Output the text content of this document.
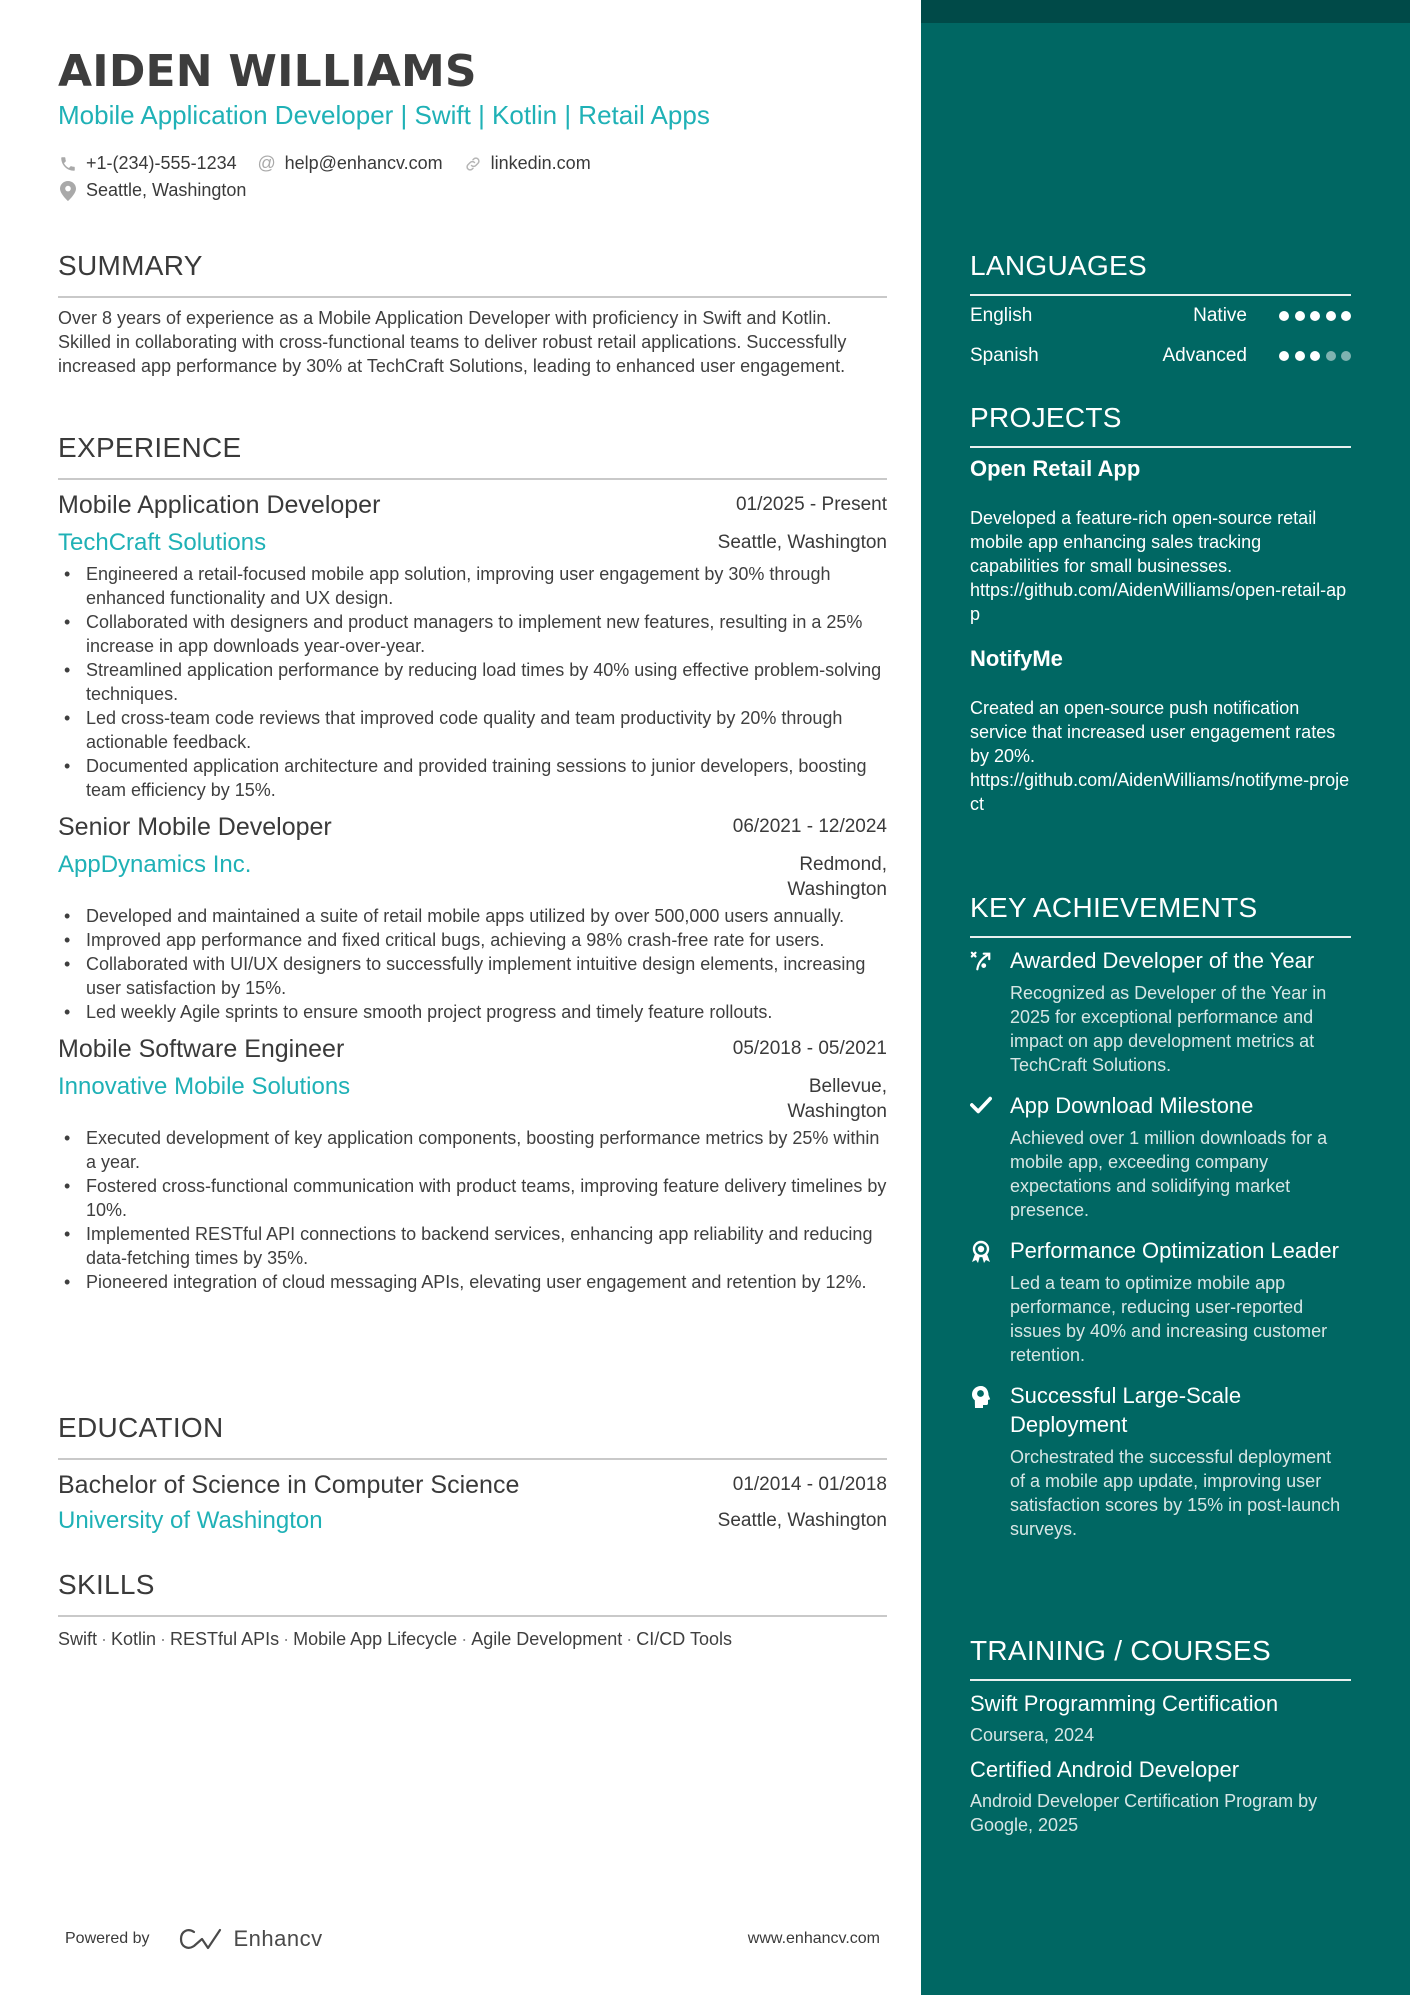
AIDEN WILLIAMS
Mobile Application Developer | Swift | Kotlin | Retail Apps
+1-(234)-555-1234 @ help@enhancv.com	linkedin.com
Seattle, Washington
SUMMARY
Over 8 years of experience as a Mobile Application Developer with proficiency in Swift and Kotlin. Skilled in collaborating with cross-functional teams to deliver robust retail applications. Successfully increased app performance by 30% at TechCraft Solutions, leading to enhanced user engagement.
EXPERIENCE
Mobile Application Developer	01/2025 - Present
TechCraft Solutions	Seattle, Washington
• Engineered a retail-focused mobile app solution, improving user engagement by 30% through enhanced functionality and UX design.
• Collaborated with designers and product managers to implement new features, resulting in a 25% increase in app downloads year-over-year.
• Streamlined application performance by reducing load times by 40% using effective problem-solving techniques.
• Led cross-team code reviews that improved code quality and team productivity by 20% through actionable feedback.
• Documented application architecture and provided training sessions to junior developers, boosting team efficiency by 15%.
Senior Mobile Developer	06/2021 - 12/2024
AppDynamics Inc.	Redmond, Washington
• Developed and maintained a suite of retail mobile apps utilized by over 500,000 users annually.
• Improved app performance and fixed critical bugs, achieving a 98% crash-free rate for users.
• Collaborated with UI/UX designers to successfully implement intuitive design elements, increasing user satisfaction by 15%.
• Led weekly Agile sprints to ensure smooth project progress and timely feature rollouts.
Mobile Software Engineer	05/2018 - 05/2021
Innovative Mobile Solutions	Bellevue, Washington
• Executed development of key application components, boosting performance metrics by 25% within a year.
• Fostered cross-functional communication with product teams, improving feature delivery timelines by 10%.
• Implemented RESTful API connections to backend services, enhancing app reliability and reducing data-fetching times by 35%.
• Pioneered integration of cloud messaging APIs, elevating user engagement and retention by 12%.
EDUCATION
Bachelor of Science in Computer Science	01/2014 - 01/2018
University of Washington	Seattle, Washington
SKILLS
Swift · Kotlin · RESTful APIs · Mobile App Lifecycle · Agile Development · CI/CD Tools
Powered by	Enhancv	www.enhancv.com
LANGUAGES
English	Native
Spanish	Advanced
PROJECTS
Open Retail App
Developed a feature-rich open-source retail mobile app enhancing sales tracking capabilities for small businesses.
https://github.com/AidenWilliams/open-retail-app
NotifyMe
Created an open-source push notification service that increased user engagement rates by 20%.
https://github.com/AidenWilliams/notifyme-project
KEY ACHIEVEMENTS
Awarded Developer of the Year
Recognized as Developer of the Year in 2025 for exceptional performance and impact on app development metrics at TechCraft Solutions.
App Download Milestone
Achieved over 1 million downloads for a mobile app, exceeding company expectations and solidifying market presence.
Performance Optimization Leader
Led a team to optimize mobile app performance, reducing user-reported issues by 40% and increasing customer retention.
Successful Large-Scale Deployment
Orchestrated the successful deployment of a mobile app update, improving user satisfaction scores by 15% in post-launch surveys.
TRAINING / COURSES
Swift Programming Certification
Coursera, 2024
Certified Android Developer
Android Developer Certification Program by Google, 2025
